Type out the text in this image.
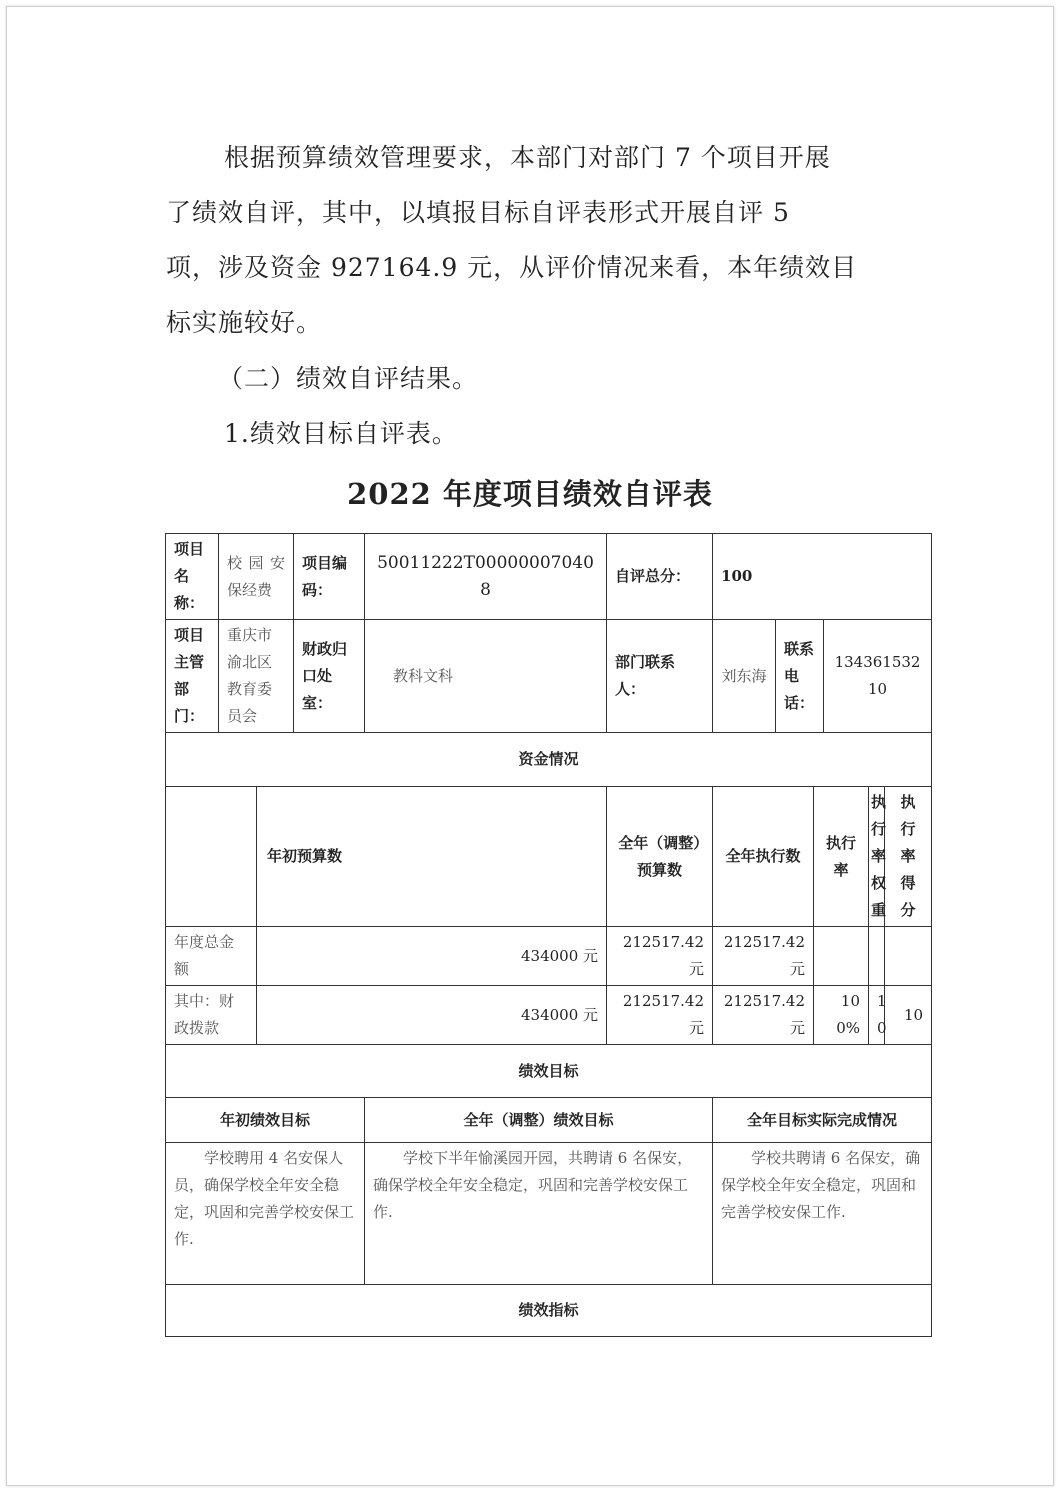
根据预算绩效管理要求，本部门对部门 7 个项目开展
了绩效自评，其中，以填报目标自评表形式开展自评 5
项，涉及资金 927164.9 元，从评价情况来看，本年绩效目
标实施较好。
（二）绩效自评结果。
1.绩效目标自评表。
2022 年度项目绩效自评表
项目名称：	校园安保经费		项目编码：	50011222T000000070408	自评总分：	100					
项目主管部门：	重庆市渝北区教育委员会		财政归口处室：	教科文科	部门联系人：	刘东海	联系电话：		13436153210		
资金情况											
		年初预算数			全年（调整）预算数	全年执行数		执行率		执行率权重	执行率得分
年度总金额		434000 元			212517.42 元	212517.42 元					
其中：财政拨款		434000 元			212517.42 元	212517.42 元		100%		10	10
绩效目标											
年初绩效目标				全年（调整）绩效目标		全年目标实际完成情况					
学校聘用 4 名安保人员，确保学校全年安全稳定，巩固和完善学校安保工作.				学校下半年愉溪园开园，共聘请 6 名保安，确保学校全年安全稳定，巩固和完善学校安保工作.		学校共聘请 6 名保安，确保学校全年安全稳定，巩固和完善学校安保工作.					
绩效指标											
